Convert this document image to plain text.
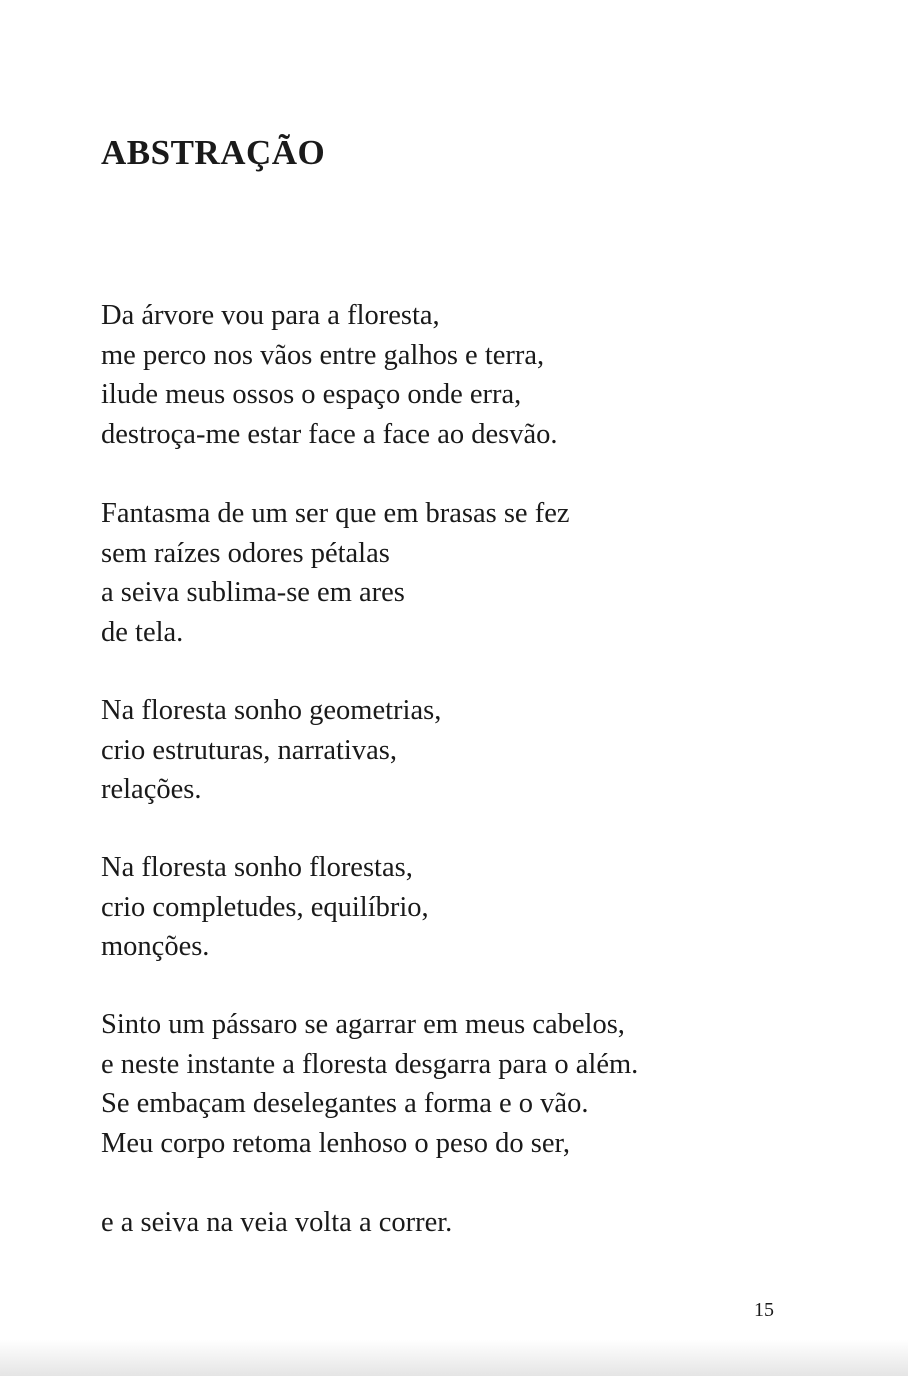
ABSTRAÇÃO
Da árvore vou para a floresta,
me perco nos vãos entre galhos e terra,
ilude meus ossos o espaço onde erra,
destroça-me estar face a face ao desvão.
Fantasma de um ser que em brasas se fez
sem raízes odores pétalas
a seiva sublima-se em ares
de tela.
Na floresta sonho geometrias,
crio estruturas, narrativas,
relações.
Na floresta sonho florestas,
crio completudes, equilíbrio,
monções.
Sinto um pássaro se agarrar em meus cabelos,
e neste instante a floresta desgarra para o além.
Se embaçam deselegantes a forma e o vão.
Meu corpo retoma lenhoso o peso do ser,
e a seiva na veia volta a correr.
15
